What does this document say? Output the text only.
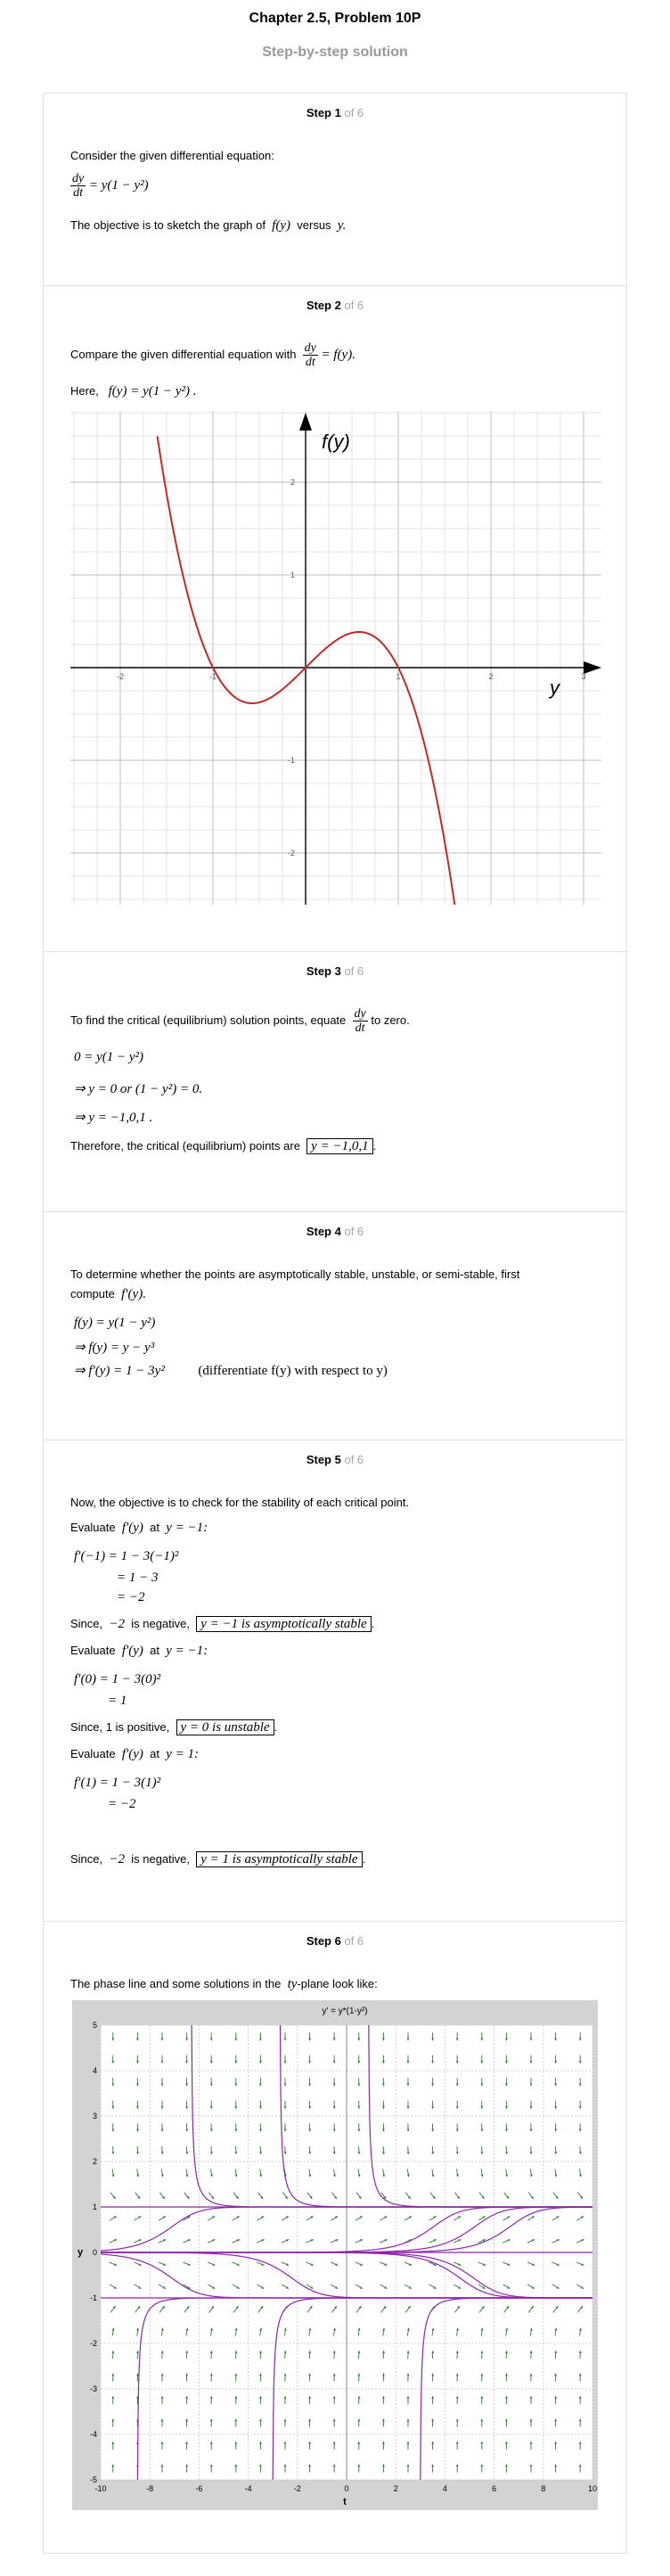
Chapter 2.5, Problem 10P
Step-by-step solution
Step 1 of 6
Consider the given differential equation:
$\frac{dy}{dt} = y(1 - y^2)$
The objective is to sketch the graph of f(y) versus y.
Step 2 of 6
Compare the given differential equation with $\frac{dy}{dt} = f(y)$.
Here, f(y) = y(1 − y²) .
f(y)
y
-2	-1	1	2	3
2
1
-1
-2
Step 3 of 6
To find the critical (equilibrium) solution points, equate $\frac{dy}{dt}$ to zero.
0 = y(1 − y²)
⇒ y = 0 or (1 − y²) = 0.
⇒ y = −1,0,1 .
Therefore, the critical (equilibrium) points are y = −1,0,1 .
Step 4 of 6
To determine whether the points are asymptotically stable, unstable, or semi-stable, first
compute f′(y).
f(y) = y(1 − y²)
⇒ f(y) = y − y³
⇒ f′(y) = 1 − 3y²	(differentiate f(y) with respect to y)
Step 5 of 6
Now, the objective is to check for the stability of each critical point.
Evaluate f′(y) at y = −1:
f′(−1) = 1 − 3(−1)²
= 1 − 3
= −2
Since, −2 is negative, y = −1 is asymptotically stable .
Evaluate f′(y) at y = −1:
f′(0) = 1 − 3(0)²
= 1
Since, 1 is positive, y = 0 is unstable .
Evaluate f′(y) at y = 1:
f′(1) = 1 − 3(1)²
= −2
Since, −2 is negative, y = 1 is asymptotically stable .
Step 6 of 6
The phase line and some solutions in the ty-plane look like:
y' = y*(1-y²)
-10	-8	-6	-4	-2	0	2	4	6	8	10
5
4
3
2
1
0
-1
-2
-3
-4
-5
t
y
